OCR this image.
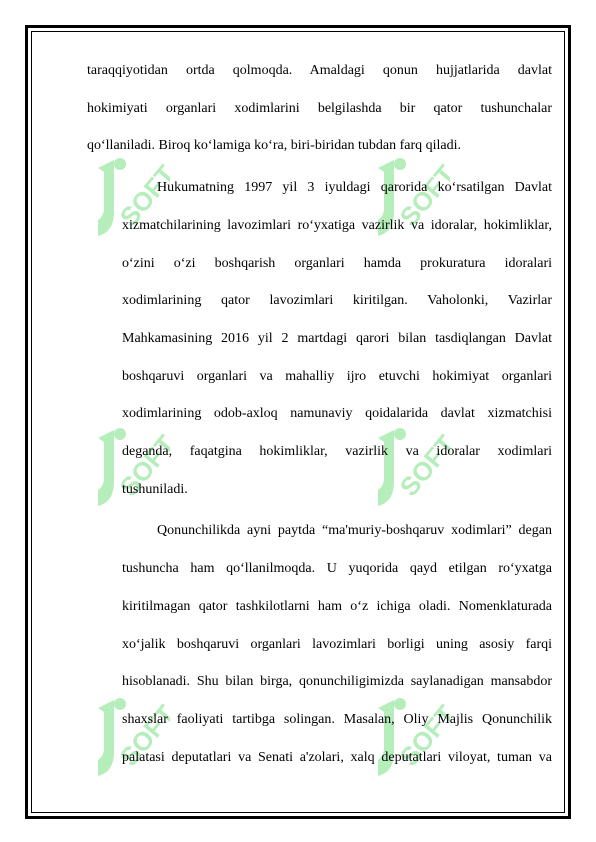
SOFT	SOFT
SOFT	SOFT
SOFT	SOFT
taraqqiyotidan ortda qolmoqda. Amaldagi qonun hujjatlarida davlat
hokimiyati organlari xodimlarini belgilashda bir qator tushunchalar
qo‘llaniladi. Biroq ko‘lamiga ko‘ra, biri-biridan tubdan farq qiladi.
Hukumatning 1997 yil 3 iyuldagi qarorida ko‘rsatilgan Davlat
xizmatchilarining lavozimlari ro‘yxatiga vazirlik va idoralar, hokimliklar,
o‘zini o‘zi boshqarish organlari hamda prokuratura idoralari
xodimlarining qator lavozimlari kiritilgan. Vaholonki, Vazirlar
Mahkamasining 2016 yil 2 martdagi qarori bilan tasdiqlangan Davlat
boshqaruvi organlari va mahalliy ijro etuvchi hokimiyat organlari
xodimlarining odob-axloq namunaviy qoidalarida davlat xizmatchisi
deganda, faqatgina hokimliklar, vazirlik va idoralar xodimlari
tushuniladi.
Qonunchilikda ayni paytda “ma'muriy-boshqaruv xodimlari” degan
tushuncha ham qo‘llanilmoqda. U yuqorida qayd etilgan ro‘yxatga
kiritilmagan qator tashkilotlarni ham o‘z ichiga oladi. Nomenklaturada
xo‘jalik boshqaruvi organlari lavozimlari borligi uning asosiy farqi
hisoblanadi. Shu bilan birga, qonunchiligimizda saylanadigan mansabdor
shaxslar faoliyati tartibga solingan. Masalan, Oliy Majlis Qonunchilik
palatasi deputatlari va Senati a'zolari, xalq deputatlari viloyat, tuman va
